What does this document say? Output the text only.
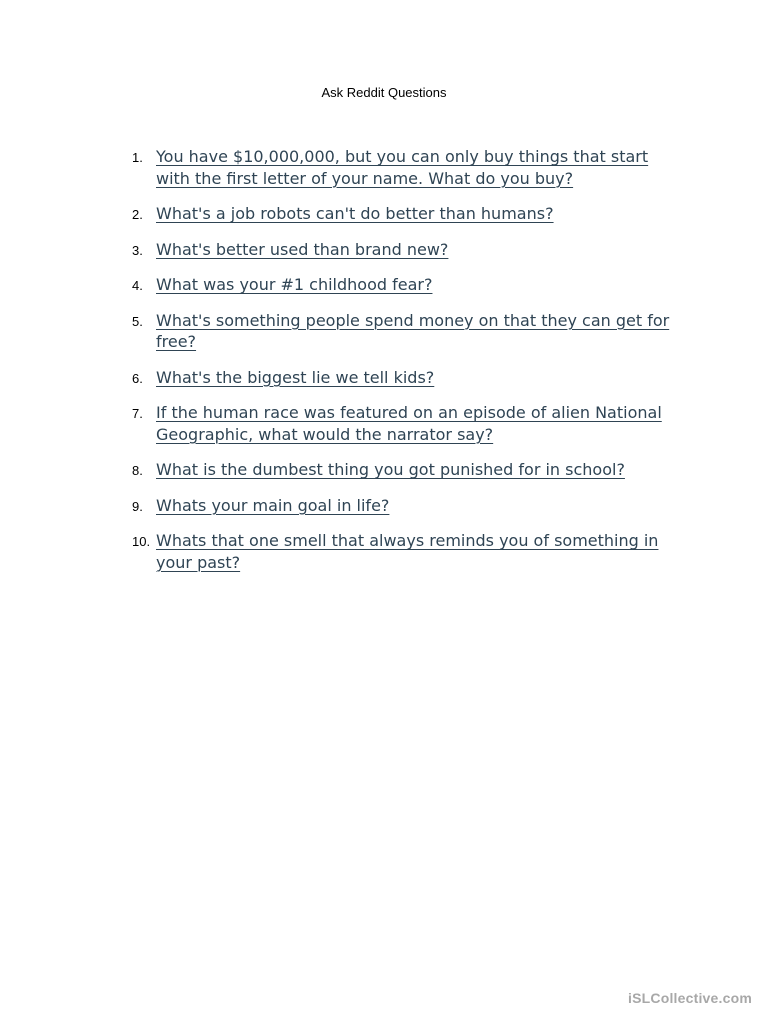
Ask Reddit Questions
1. You have $10,000,000, but you can only buy things that start with the first letter of your name. What do you buy?
2. What's a job robots can't do better than humans?
3. What's better used than brand new?
4. What was your #1 childhood fear?
5. What's something people spend money on that they can get for free?
6. What's the biggest lie we tell kids?
7. If the human race was featured on an episode of alien National Geographic, what would the narrator say?
8. What is the dumbest thing you got punished for in school?
9. Whats your main goal in life?
10. Whats that one smell that always reminds you of something in your past?
iSLCollective.com
